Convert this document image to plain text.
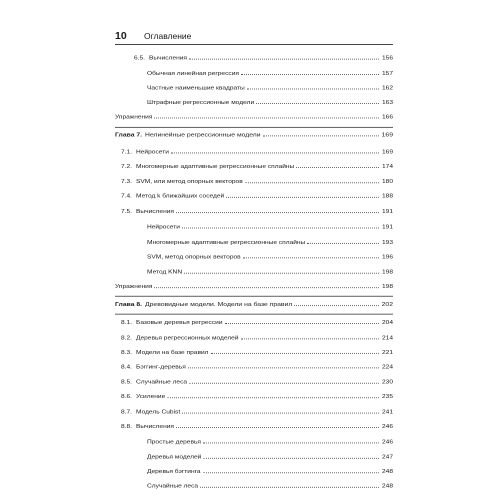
10 Оглавление
6.5. Вычисления	156
Обычная линейная регрессия	157
Частные наименьшие квадраты	162
Штрафные регрессионные модели	163
Упражнения	166
Глава 7. Нелинейные регрессионные модели	169
7.1. Нейросети	169
7.2. Многомерные адаптивные регрессионные сплайны	174
7.3. SVM, или метод опорных векторов	180
7.4. Метод k ближайших соседей	188
7.5. Вычисления	191
Нейросети	191
Многомерные адаптивные регрессионные сплайны	193
SVM, метод опорных векторов	196
Метод KNN	198
Упражнения	198
Глава 8. Древовидные модели. Модели на базе правил	202
8.1. Базовые деревья регрессии	204
8.2. Деревья регрессионных моделей	214
8.3. Модели на базе правил	221
8.4. Бэггинг-деревья	224
8.5. Случайные леса	230
8.6. Усиление	235
8.7. Модель Cubist	241
8.8. Вычисления	246
Простые деревья	246
Деревья моделей	247
Деревья бэгтинга	248
Случайные леса	248
